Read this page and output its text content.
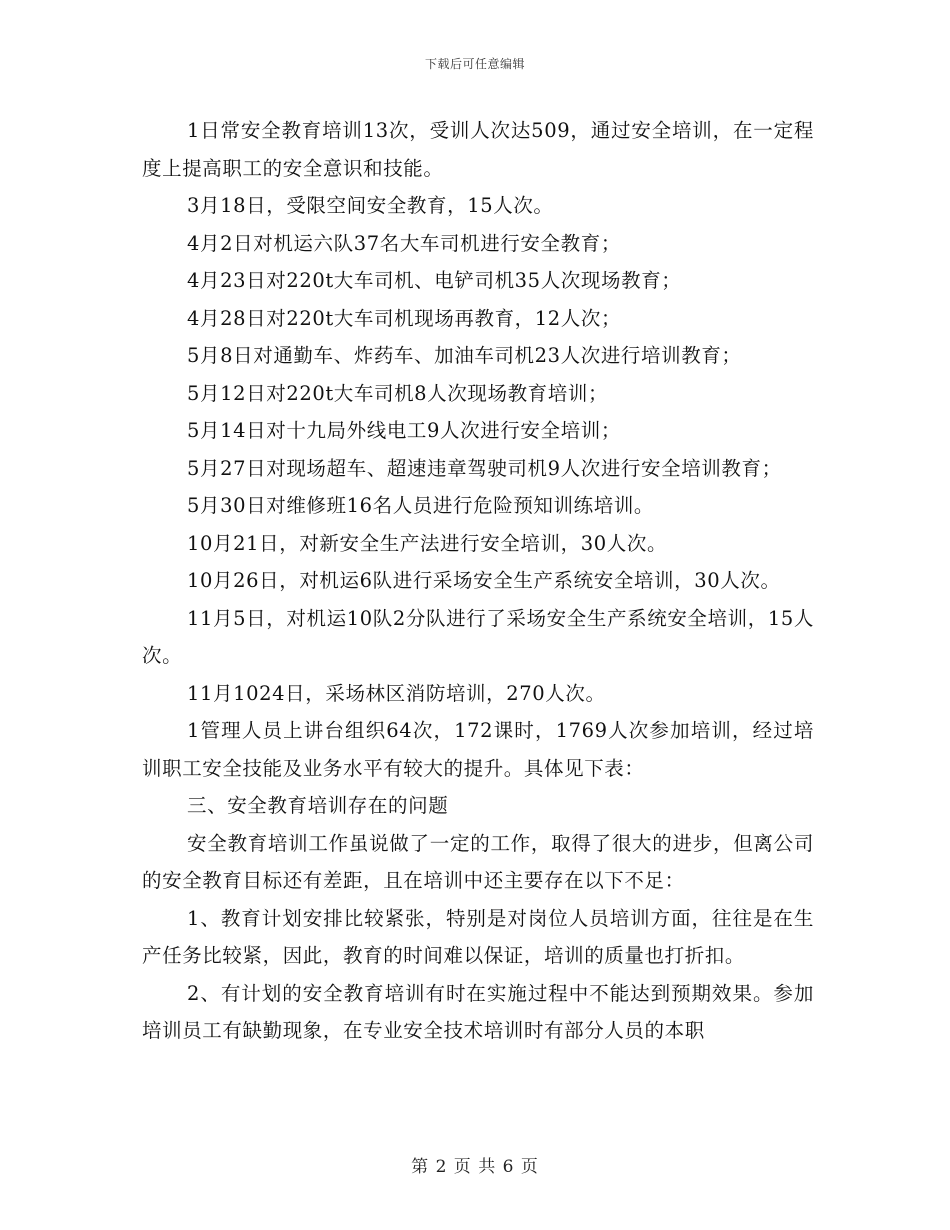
下载后可任意编辑

1日常安全教育培训13次，受训人次达509，通过安全培训，在一定程度上提高职工的安全意识和技能。

3月18日，受限空间安全教育，15人次。

4月2日对机运六队37名大车司机进行安全教育；

4月23日对220t大车司机、电铲司机35人次现场教育；

4月28日对220t大车司机现场再教育，12人次；

5月8日对通勤车、炸药车、加油车司机23人次进行培训教育；

5月12日对220t大车司机8人次现场教育培训；

5月14日对十九局外线电工9人次进行安全培训；

5月27日对现场超车、超速违章驾驶司机9人次进行安全培训教育；

5月30日对维修班16名人员进行危险预知训练培训。

10月21日，对新安全生产法进行安全培训，30人次。

10月26日，对机运6队进行采场安全生产系统安全培训，30人次。

11月5日，对机运10队2分队进行了采场安全生产系统安全培训，15人次。

11月1024日，采场林区消防培训，270人次。

1管理人员上讲台组织64次，172课时，1769人次参加培训，经过培训职工安全技能及业务水平有较大的提升。具体见下表：

三、安全教育培训存在的问题

安全教育培训工作虽说做了一定的工作，取得了很大的进步，但离公司的安全教育目标还有差距，且在培训中还主要存在以下不足：

1、教育计划安排比较紧张，特别是对岗位人员培训方面，往往是在生产任务比较紧，因此，教育的时间难以保证，培训的质量也打折扣。

2、有计划的安全教育培训有时在实施过程中不能达到预期效果。参加培训员工有缺勤现象，在专业安全技术培训时有部分人员的本职

第 2 页 共 6 页
